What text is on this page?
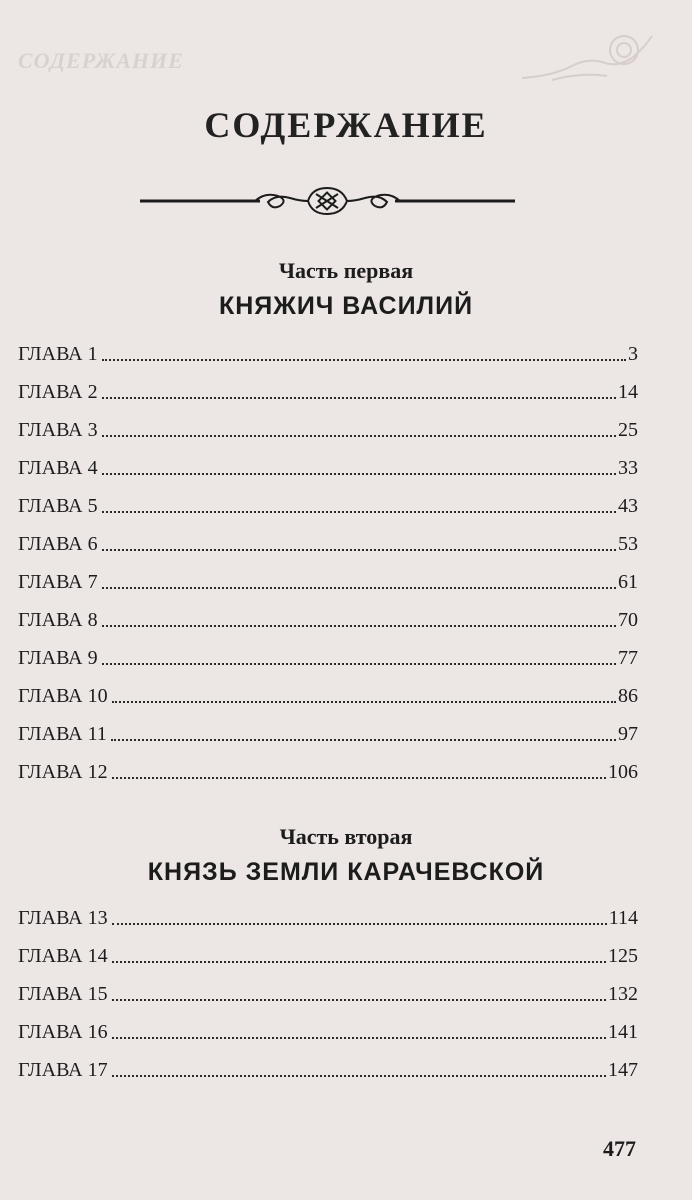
СОДЕРЖАНИЕ
СОДЕРЖАНИЕ
Часть первая
КНЯЖИЧ ВАСИЛИЙ
ГЛАВА 1	3
ГЛАВА 2	14
ГЛАВА 3	25
ГЛАВА 4	33
ГЛАВА 5	43
ГЛАВА 6	53
ГЛАВА 7	61
ГЛАВА 8	70
ГЛАВА 9	77
ГЛАВА 10	86
ГЛАВА 11	97
ГЛАВА 12	106
Часть вторая
КНЯЗЬ ЗЕМЛИ КАРАЧЕВСКОЙ
ГЛАВА 13	114
ГЛАВА 14	125
ГЛАВА 15	132
ГЛАВА 16	141
ГЛАВА 17	147
477
